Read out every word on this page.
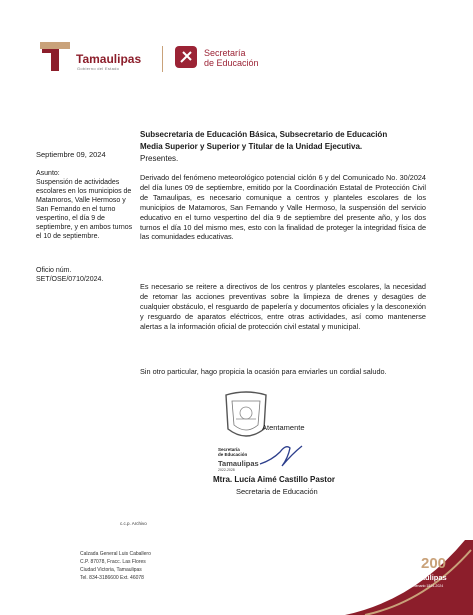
Tamaulipas
Gobierno del Estado
Secretaría
de Educación
Subsecretaria de Educación Básica, Subsecretario de Educación
Media Superior y Superior y Titular de la Unidad Ejecutiva.
Presentes.
Septiembre 09, 2024
Asunto:
Suspensión de actividades escolares en los municipios de Matamoros, Valle Hermoso y San Fernando en el turno vespertino, el día 9 de septiembre, y en ambos turnos el 10 de septiembre.
Oficio núm.
SET/OSE/0710/2024.
Derivado del fenómeno meteorológico potencial ciclón 6 y del Comunicado No. 30/2024 del día lunes 09 de septiembre, emitido por la Coordinación Estatal de Protección Civil de Tamaulipas, es necesario comunique a centros y planteles escolares de los municipios de Matamoros, San Fernando y Valle Hermoso, la suspensión del servicio educativo en el turno vespertino del día 9 de septiembre del presente año, y los dos turnos el día 10 del mismo mes, esto con la finalidad de proteger la integridad física de las comunidades educativas.
Es necesario se reitere a directivos de los centros y planteles escolares, la necesidad de retomar las acciones preventivas sobre la limpieza de drenes y desagües de cualquier obstáculo, el resguardo de papelería y documentos oficiales y la desconexión y resguardo de aparatos eléctricos, entre otras actividades, así como mantenerse alertas a la información oficial de protección civil estatal y municipal.
Sin otro particular, hago propicia la ocasión para enviarles un cordial saludo.
Atentamente
Secretaría
de Educación
Tamaulipas
2022-2028
Mtra. Lucía Aimé Castillo Pastor
Secretaria de Educación
c.c.p. Archivo
Calzada General Luis Caballero
C.P. 87078, Fracc. Las Flores
Ciudad Victoria, Tamaulipas
Tel. 834-3186600 Ext. 46078
200
Tamaulipas
Bicentenario 1824-2024
